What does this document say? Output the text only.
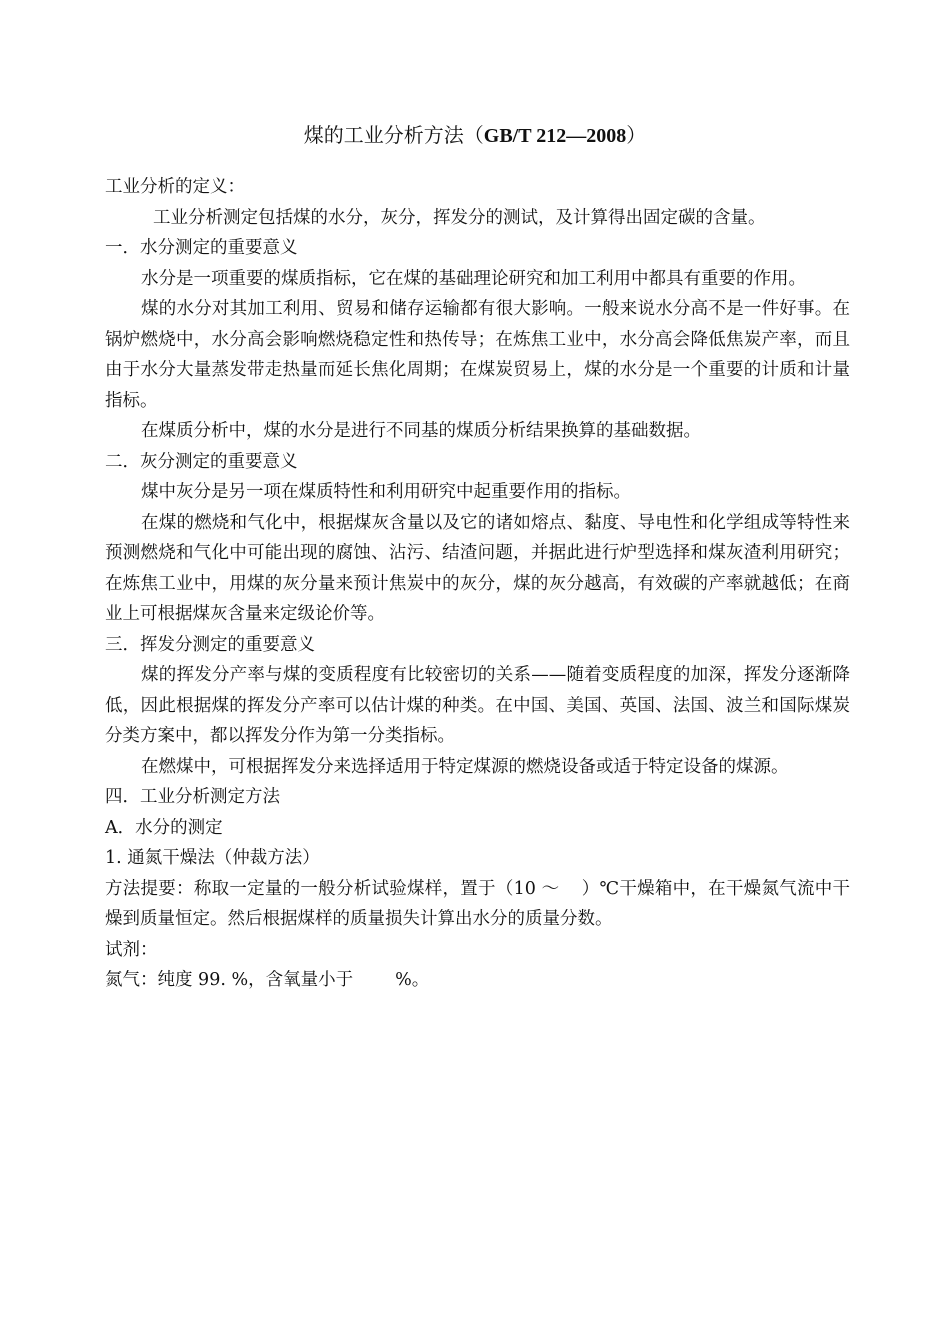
煤的工业分析方法（GB/T 212—2008）

工业分析的定义：

工业分析测定包括煤的水分，灰分，挥发分的测试，及计算得出固定碳的含量。

一．水分测定的重要意义

水分是一项重要的煤质指标，它在煤的基础理论研究和加工利用中都具有重要的作用。

煤的水分对其加工利用、贸易和储存运输都有很大影响。一般来说水分高不是一件好事。在锅炉燃烧中，水分高会影响燃烧稳定性和热传导；在炼焦工业中，水分高会降低焦炭产率，而且由于水分大量蒸发带走热量而延长焦化周期；在煤炭贸易上，煤的水分是一个重要的计质和计量指标。

在煤质分析中，煤的水分是进行不同基的煤质分析结果换算的基础数据。

二．灰分测定的重要意义

煤中灰分是另一项在煤质特性和利用研究中起重要作用的指标。

在煤的燃烧和气化中，根据煤灰含量以及它的诸如熔点、黏度、导电性和化学组成等特性来预测燃烧和气化中可能出现的腐蚀、沾污、结渣问题，并据此进行炉型选择和煤灰渣利用研究；在炼焦工业中，用煤的灰分量来预计焦炭中的灰分，煤的灰分越高，有效碳的产率就越低；在商业上可根据煤灰含量来定级论价等。

三．挥发分测定的重要意义

煤的挥发分产率与煤的变质程度有比较密切的关系——随着变质程度的加深，挥发分逐渐降低，因此根据煤的挥发分产率可以估计煤的种类。在中国、美国、英国、法国、波兰和国际煤炭分类方案中，都以挥发分作为第一分类指标。

在燃煤中，可根据挥发分来选择适用于特定煤源的燃烧设备或适于特定设备的煤源。

四．工业分析测定方法

A．水分的测定

1. 通氮干燥法（仲裁方法）

方法提要：称取一定量的一般分析试验煤样，置于（10 ～ ）℃干燥箱中，在干燥氮气流中干燥到质量恒定。然后根据煤样的质量损失计算出水分的质量分数。

试剂：

氮气：纯度 99. %，含氧量小于 %。
